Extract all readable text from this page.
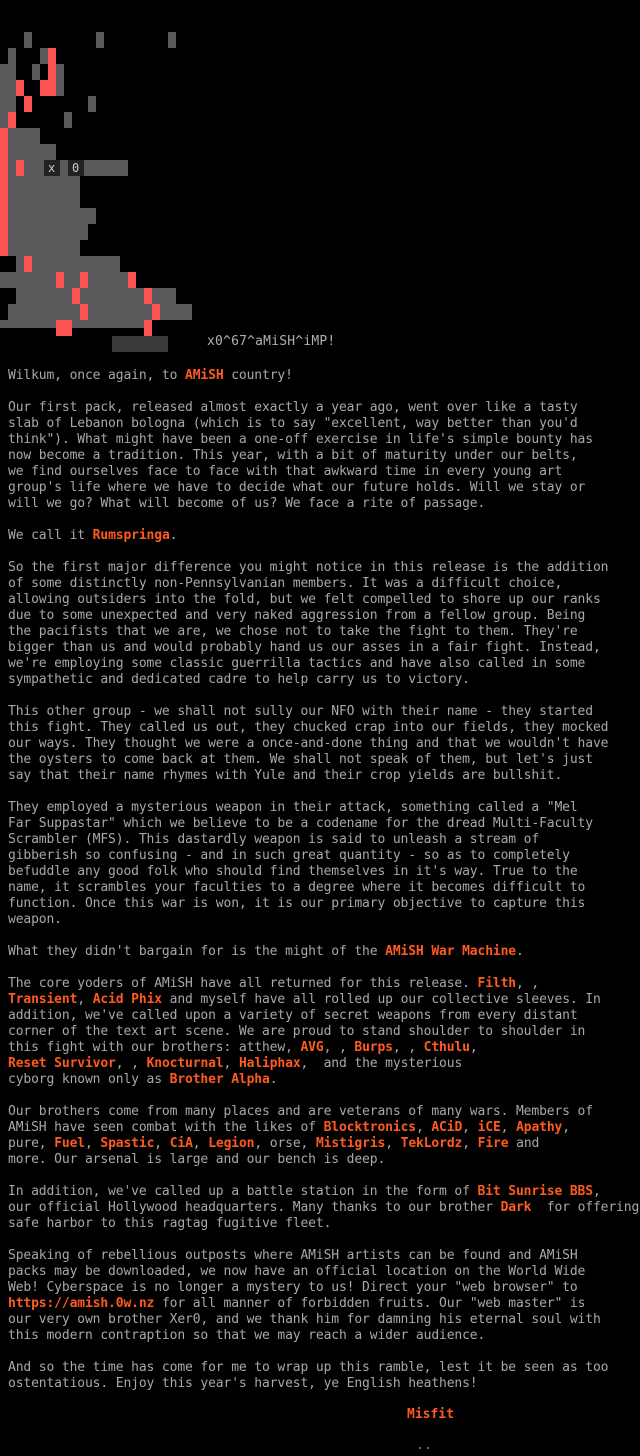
x 0
x0^67^aMiSH^iMP!
Wilkum, once again, to AMiSH country!

Our first pack, released almost exactly a year ago, went over like a tasty
slab of Lebanon bologna (which is to say "excellent, way better than you'd
think"). What might have been a one-off exercise in life's simple bounty has
now become a tradition. This year, with a bit of maturity under our belts,
we find ourselves face to face with that awkward time in every young art
group's life where we have to decide what our future holds. Will we stay or
will we go? What will become of us? We face a rite of passage.

We call it Rumspringa.

So the first major difference you might notice in this release is the addition
of some distinctly non-Pennsylvanian members. It was a difficult choice,
allowing outsiders into the fold, but we felt compelled to shore up our ranks
due to some unexpected and very naked aggression from a fellow group. Being
the pacifists that we are, we chose not to take the fight to them. They're
bigger than us and would probably hand us our asses in a fair fight. Instead,
we're employing some classic guerrilla tactics and have also called in some
sympathetic and dedicated cadre to help carry us to victory.

This other group - we shall not sully our NFO with their name - they started
this fight. They called us out, they chucked crap into our fields, they mocked
our ways. They thought we were a once-and-done thing and that we wouldn't have
the oysters to come back at them. We shall not speak of them, but let's just
say that their name rhymes with Yule and their crop yields are bullshit.

They employed a mysterious weapon in their attack, something called a "Mel
Far Suppastar" which we believe to be a codename for the dread Multi-Faculty
Scrambler (MFS). This dastardly weapon is said to unleash a stream of
gibberish so confusing - and in such great quantity - so as to completely
befuddle any good folk who should find themselves in it's way. True to the
name, it scrambles your faculties to a degree where it becomes difficult to
function. Once this war is won, it is our primary objective to capture this
weapon.

What they didn't bargain for is the might of the AMiSH War Machine.

The core yoders of AMiSH have all returned for this release. Filth, ,
Transient, Acid Phix and myself have all rolled up our collective sleeves. In
addition, we've called upon a variety of secret weapons from every distant
corner of the text art scene. We are proud to stand shoulder to shoulder in
this fight with our brothers: atthew, AVG, , Burps, , Cthulu,
Reset Survivor, , Knocturnal, Haliphax,  and the mysterious
cyborg known only as Brother Alpha.

Our brothers come from many places and are veterans of many wars. Members of
AMiSH have seen combat with the likes of Blocktronics, ACiD, iCE, Apathy,
pure, Fuel, Spastic, CiA, Legion, orse, Mistigris, TekLordz, Fire and
more. Our arsenal is large and our bench is deep.

In addition, we've called up a battle station in the form of Bit Sunrise BBS,
our official Hollywood headquarters. Many thanks to our brother Dark  for offering
safe harbor to this ragtag fugitive fleet.

Speaking of rebellious outposts where AMiSH artists can be found and AMiSH
packs may be downloaded, we now have an official location on the World Wide
Web! Cyberspace is no longer a mystery to us! Direct your "web browser" to
https://amish.0w.nz for all manner of forbidden fruits. Our "web master" is
our very own brother Xer0, and we thank him for damning his eternal soul with
this modern contraption so that we may reach a wider audience.

And so the time has come for me to wrap up this ramble, lest it be seen as too
ostentatious. Enjoy this year's harvest, ye English heathens!
Misfit
..
